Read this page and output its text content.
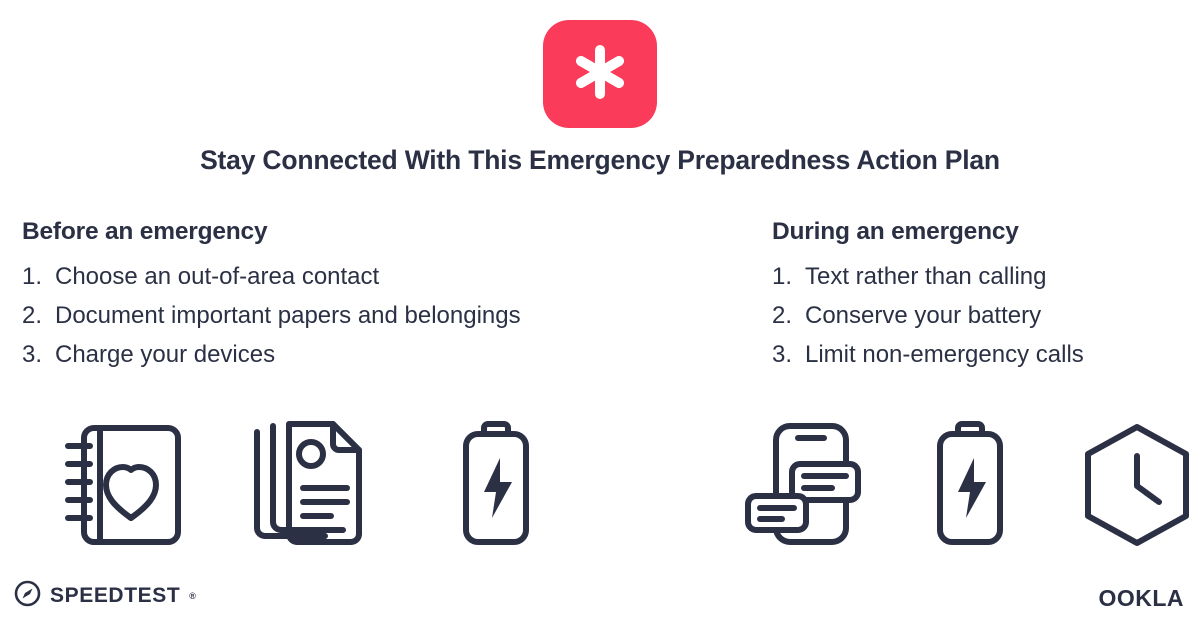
Stay Connected With This Emergency Preparedness Action Plan
Before an emergency
1. Choose an out-of-area contact
2. Document important papers and belongings
3. Charge your devices
During an emergency
1. Text rather than calling
2. Conserve your battery
3. Limit non-emergency calls
SPEEDTEST ®	OOKLA
